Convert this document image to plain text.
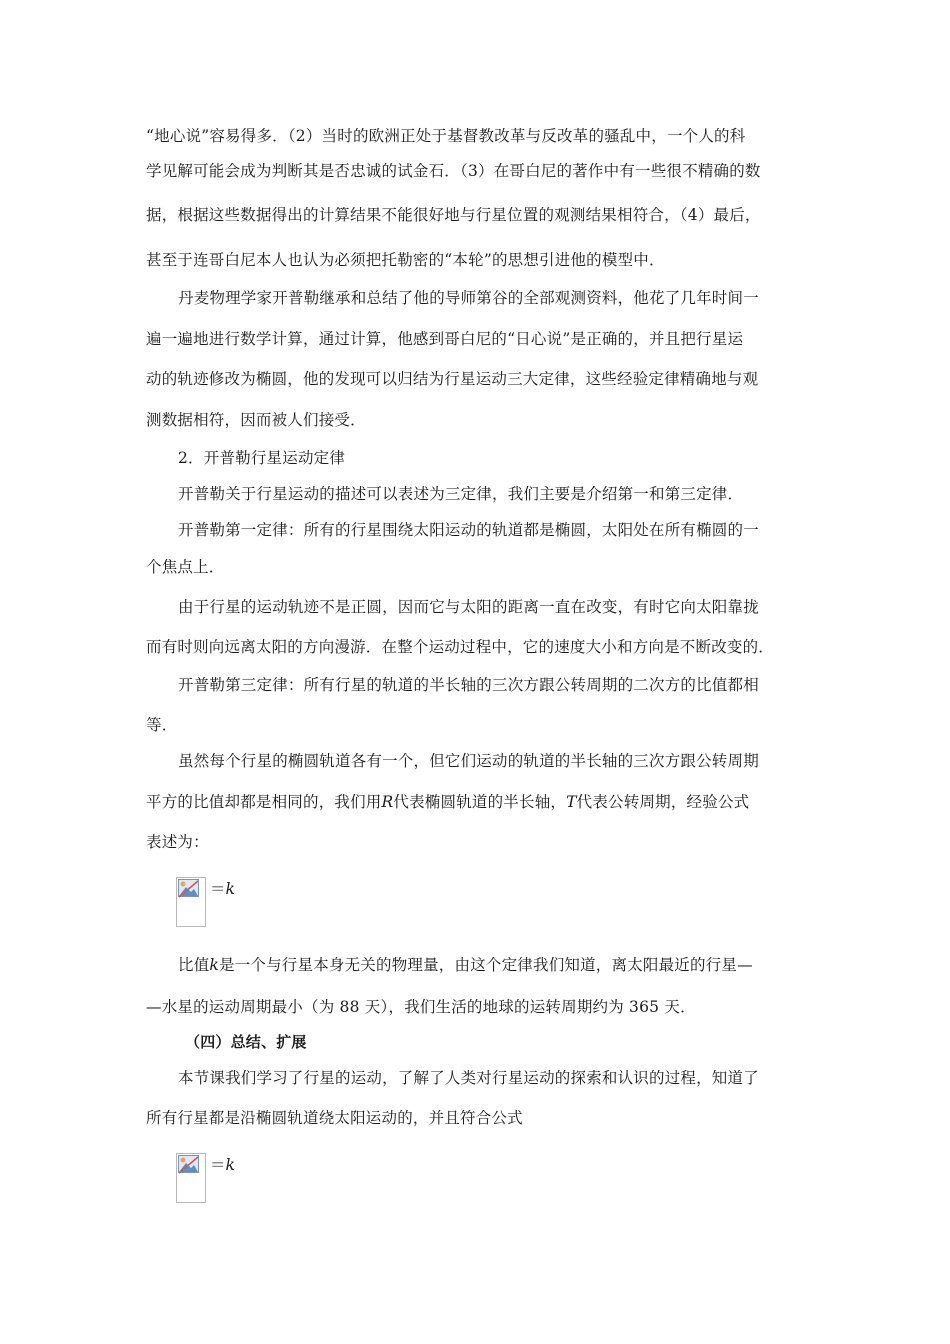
“地心说”容易得多．（2）当时的欧洲正处于基督教改革与反改革的骚乱中，一个人的科
学见解可能会成为判断其是否忠诚的试金石．（3）在哥白尼的著作中有一些很不精确的数
据，根据这些数据得出的计算结果不能很好地与行星位置的观测结果相符合，（4）最后，
甚至于连哥白尼本人也认为必须把托勒密的“本轮”的思想引进他的模型中．
丹麦物理学家开普勒继承和总结了他的导师第谷的全部观测资料，他花了几年时间一
遍一遍地进行数学计算，通过计算，他感到哥白尼的“日心说”是正确的，并且把行星运
动的轨迹修改为椭圆，他的发现可以归结为行星运动三大定律，这些经验定律精确地与观
测数据相符，因而被人们接受．
2．开普勒行星运动定律
开普勒关于行星运动的描述可以表述为三定律，我们主要是介绍第一和第三定律．
开普勒第一定律：所有的行星围绕太阳运动的轨道都是椭圆，太阳处在所有椭圆的一
个焦点上．
由于行星的运动轨迹不是正圆，因而它与太阳的距离一直在改变，有时它向太阳靠拢
而有时则向远离太阳的方向漫游．在整个运动过程中，它的速度大小和方向是不断改变的．
开普勒第三定律：所有行星的轨道的半长轴的三次方跟公转周期的二次方的比值都相
等．
虽然每个行星的椭圆轨道各有一个，但它们运动的轨道的半长轴的三次方跟公转周期
平方的比值却都是相同的，我们用R代表椭圆轨道的半长轴，T代表公转周期，经验公式
表述为：
＝k
比值k是一个与行星本身无关的物理量，由这个定律我们知道，离太阳最近的行星—
—水星的运动周期最小（为 88 天），我们生活的地球的运转周期约为 365 天．
（四）总结、扩展
本节课我们学习了行星的运动，了解了人类对行星运动的探索和认识的过程，知道了
所有行星都是沿椭圆轨道绕太阳运动的，并且符合公式
＝k
